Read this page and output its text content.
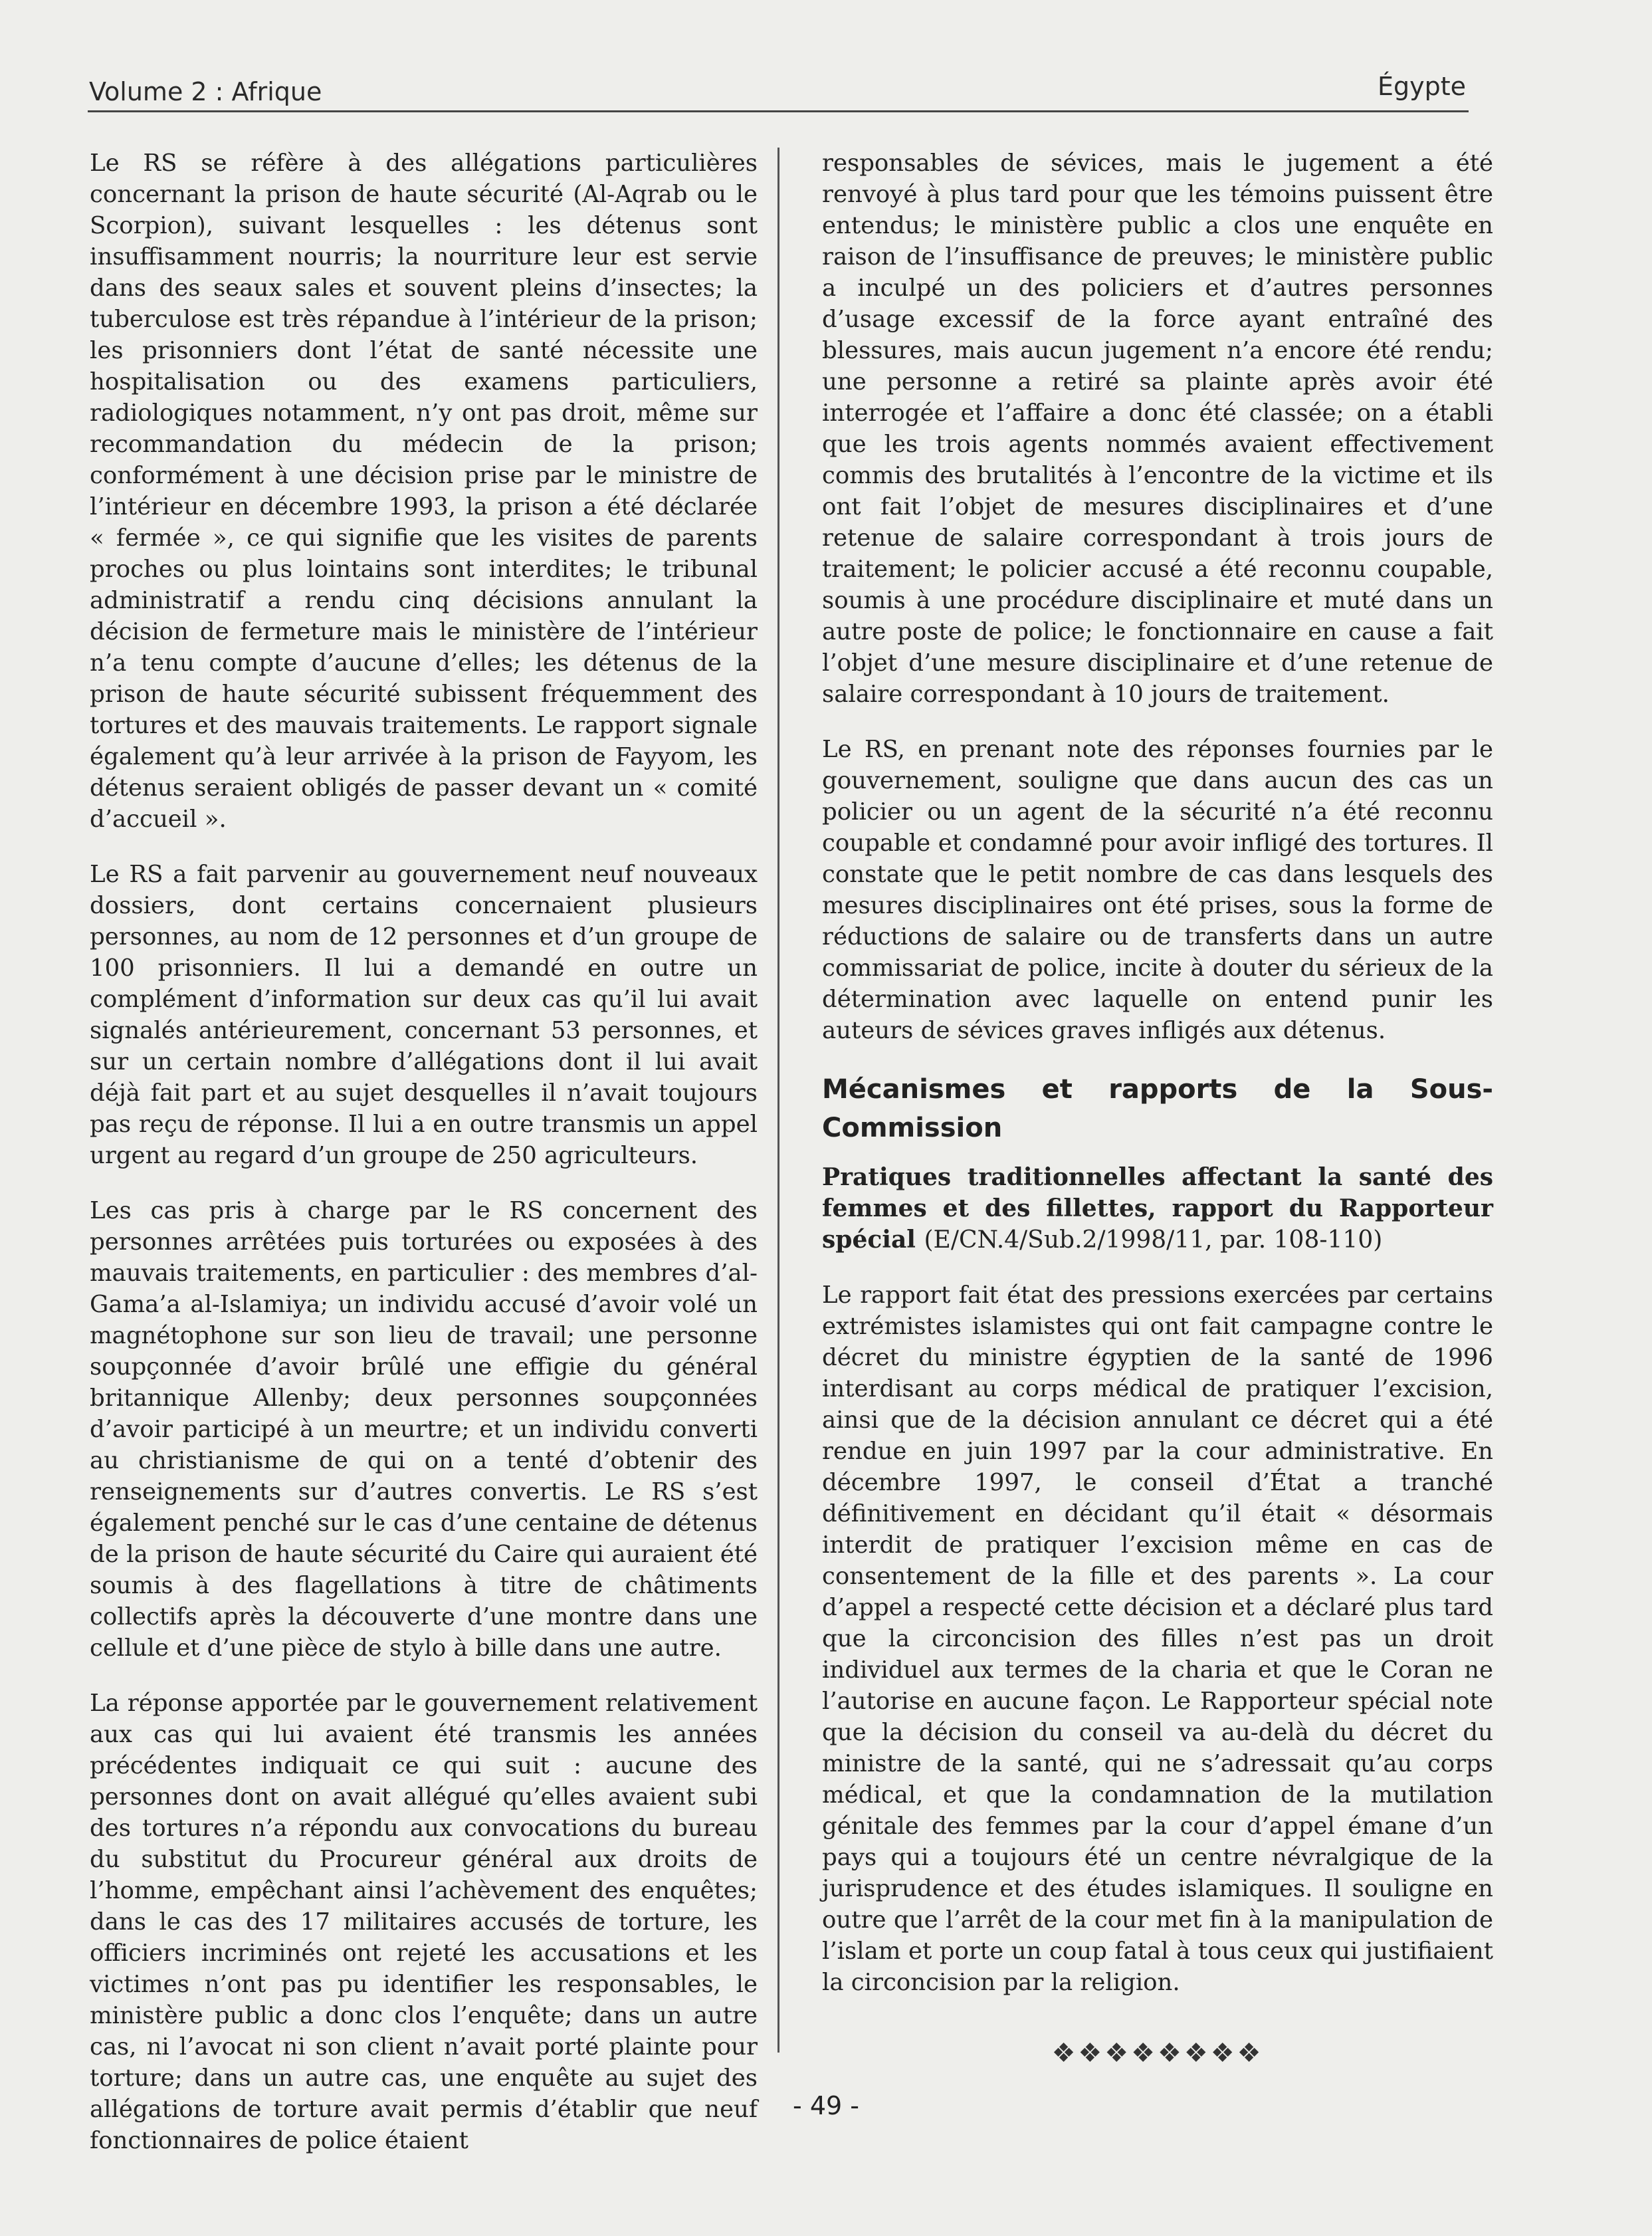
Volume 2 : Afrique	Égypte

Le RS se réfère à des allégations particulières concernant la prison de haute sécurité (Al-Aqrab ou le Scorpion), suivant lesquelles : les détenus sont insuffisamment nourris; la nourriture leur est servie dans des seaux sales et souvent pleins d’insectes; la tuberculose est très répandue à l’intérieur de la prison; les prisonniers dont l’état de santé nécessite une hospitalisation ou des examens particuliers, radiologiques notamment, n’y ont pas droit, même sur recommandation du médecin de la prison; conformément à une décision prise par le ministre de l’intérieur en décembre 1993, la prison a été déclarée « fermée », ce qui signifie que les visites de parents proches ou plus lointains sont interdites; le tribunal administratif a rendu cinq décisions annulant la décision de fermeture mais le ministère de l’intérieur n’a tenu compte d’aucune d’elles; les détenus de la prison de haute sécurité subissent fréquemment des tortures et des mauvais traitements. Le rapport signale également qu’à leur arrivée à la prison de Fayyom, les détenus seraient obligés de passer devant un « comité d’accueil ».

Le RS a fait parvenir au gouvernement neuf nouveaux dossiers, dont certains concernaient plusieurs personnes, au nom de 12 personnes et d’un groupe de 100 prisonniers. Il lui a demandé en outre un complément d’information sur deux cas qu’il lui avait signalés antérieurement, concernant 53 personnes, et sur un certain nombre d’allégations dont il lui avait déjà fait part et au sujet desquelles il n’avait toujours pas reçu de réponse. Il lui a en outre transmis un appel urgent au regard d’un groupe de 250 agriculteurs.

Les cas pris à charge par le RS concernent des personnes arrêtées puis torturées ou exposées à des mauvais traitements, en particulier : des membres d’al-Gama’a al-Islamiya; un individu accusé d’avoir volé un magnétophone sur son lieu de travail; une personne soupçonnée d’avoir brûlé une effigie du général britannique Allenby; deux personnes soupçonnées d’avoir participé à un meurtre; et un individu converti au christianisme de qui on a tenté d’obtenir des renseignements sur d’autres convertis. Le RS s’est également penché sur le cas d’une centaine de détenus de la prison de haute sécurité du Caire qui auraient été soumis à des flagellations à titre de châtiments collectifs après la découverte d’une montre dans une cellule et d’une pièce de stylo à bille dans une autre.

La réponse apportée par le gouvernement relativement aux cas qui lui avaient été transmis les années précédentes indiquait ce qui suit : aucune des personnes dont on avait allégué qu’elles avaient subi des tortures n’a répondu aux convocations du bureau du substitut du Procureur général aux droits de l’homme, empêchant ainsi l’achèvement des enquêtes; dans le cas des 17 militaires accusés de torture, les officiers incriminés ont rejeté les accusations et les victimes n’ont pas pu identifier les responsables, le ministère public a donc clos l’enquête; dans un autre cas, ni l’avocat ni son client n’avait porté plainte pour torture; dans un autre cas, une enquête au sujet des allégations de torture avait permis d’établir que neuf fonctionnaires de police étaient

responsables de sévices, mais le jugement a été renvoyé à plus tard pour que les témoins puissent être entendus; le ministère public a clos une enquête en raison de l’insuffisance de preuves; le ministère public a inculpé un des policiers et d’autres personnes d’usage excessif de la force ayant entraîné des blessures, mais aucun jugement n’a encore été rendu; une personne a retiré sa plainte après avoir été interrogée et l’affaire a donc été classée; on a établi que les trois agents nommés avaient effectivement commis des brutalités à l’encontre de la victime et ils ont fait l’objet de mesures disciplinaires et d’une retenue de salaire correspondant à trois jours de traitement; le policier accusé a été reconnu coupable, soumis à une procédure disciplinaire et muté dans un autre poste de police; le fonctionnaire en cause a fait l’objet d’une mesure disciplinaire et d’une retenue de salaire correspondant à 10 jours de traitement.

Le RS, en prenant note des réponses fournies par le gouvernement, souligne que dans aucun des cas un policier ou un agent de la sécurité n’a été reconnu coupable et condamné pour avoir infligé des tortures. Il constate que le petit nombre de cas dans lesquels des mesures disciplinaires ont été prises, sous la forme de réductions de salaire ou de transferts dans un autre commissariat de police, incite à douter du sérieux de la détermination avec laquelle on entend punir les auteurs de sévices graves infligés aux détenus.

Mécanismes et rapports de la Sous-Commission

Pratiques traditionnelles affectant la santé des femmes et des fillettes, rapport du Rapporteur spécial (E/CN.4/Sub.2/1998/11, par. 108-110)

Le rapport fait état des pressions exercées par certains extrémistes islamistes qui ont fait campagne contre le décret du ministre égyptien de la santé de 1996 interdisant au corps médical de pratiquer l’excision, ainsi que de la décision annulant ce décret qui a été rendue en juin 1997 par la cour administrative. En décembre 1997, le conseil d’État a tranché définitivement en décidant qu’il était « désormais interdit de pratiquer l’excision même en cas de consentement de la fille et des parents ». La cour d’appel a respecté cette décision et a déclaré plus tard que la circoncision des filles n’est pas un droit individuel aux termes de la charia et que le Coran ne l’autorise en aucune façon. Le Rapporteur spécial note que la décision du conseil va au-delà du décret du ministre de la santé, qui ne s’adressait qu’au corps médical, et que la condamnation de la mutilation génitale des femmes par la cour d’appel émane d’un pays qui a toujours été un centre névralgique de la jurisprudence et des études islamiques. Il souligne en outre que l’arrêt de la cour met fin à la manipulation de l’islam et porte un coup fatal à tous ceux qui justifiaient la circoncision par la religion.

❖❖❖❖❖❖❖❖
- 49 -
